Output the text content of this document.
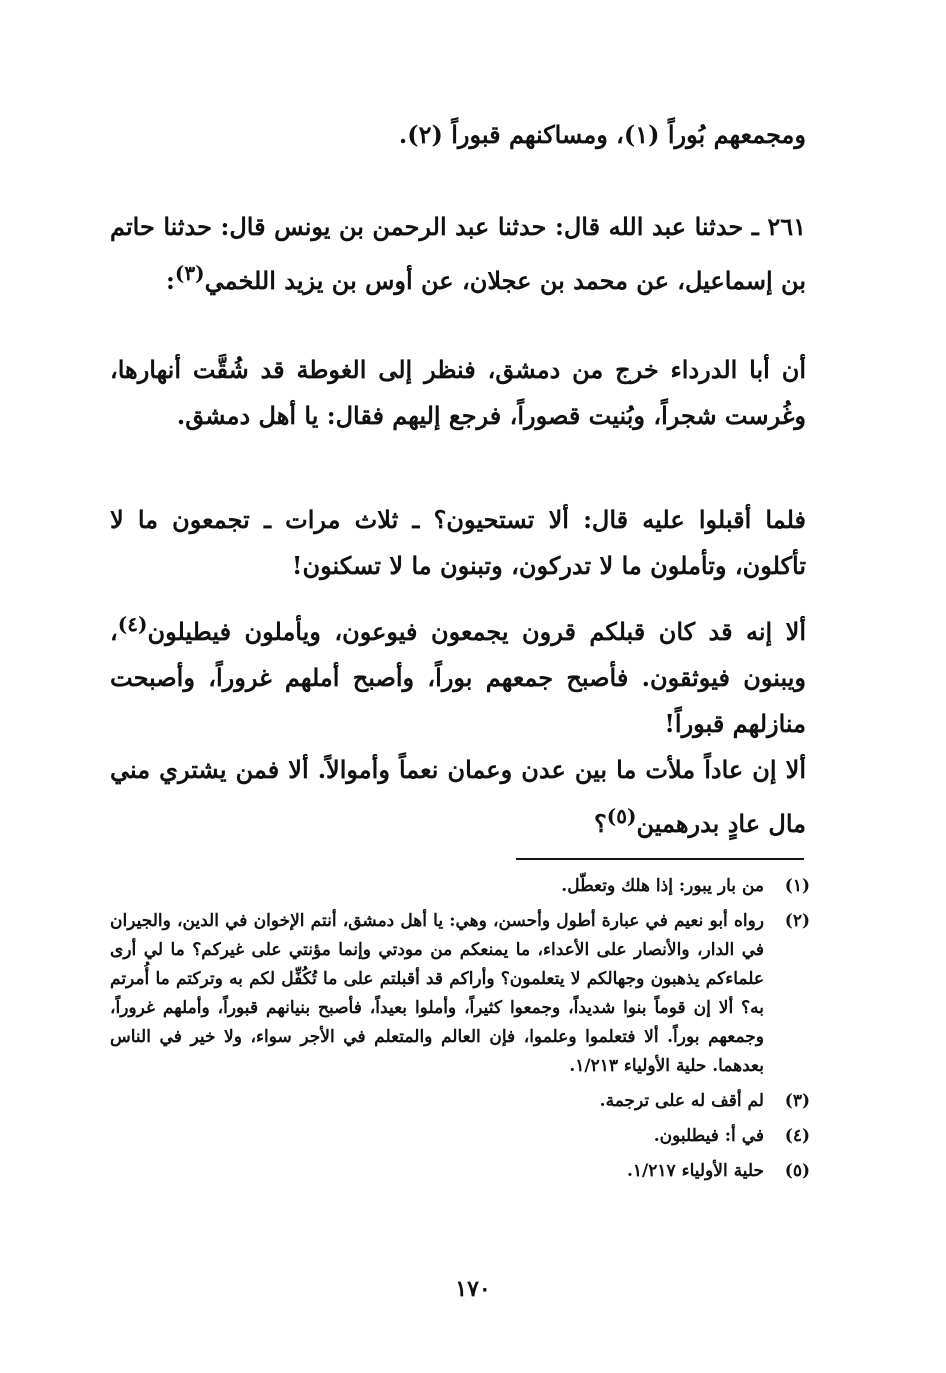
ومجمعهم بُوراً (١)، ومساكنهم قبوراً (٢).
٢٦١ ـ حدثنا عبد الله قال: حدثنا عبد الرحمن بن يونس قال: حدثنا حاتم بن إسماعيل، عن محمد بن عجلان، عن أوس بن يزيد اللخمي$^{(٣)}$:
أن أبا الدرداء خرج من دمشق، فنظر إلى الغوطة قد شُقَّت أنهارها، وغُرست شجراً، وبُنيت قصوراً، فرجع إليهم فقال: يا أهل دمشق.
فلما أقبلوا عليه قال: ألا تستحيون؟ ـ ثلاث مرات ـ تجمعون ما لا تأكلون، وتأملون ما لا تدركون، وتبنون ما لا تسكنون!
ألا إنه قد كان قبلكم قرون يجمعون فيوعون، ويأملون فيطيلون$^{(٤)}$، ويبنون فيوثقون. فأصبح جمعهم بوراً، وأصبح أملهم غروراً، وأصبحت منازلهم قبوراً!
ألا إن عاداً ملأت ما بين عدن وعمان نعماً وأموالاً. ألا فمن يشتري مني مال عادٍ بدرهمين$^{(٥)}$؟
(١)
من بار يبور: إذا هلك وتعطّل.
(٢)
رواه أبو نعيم في عبارة أطول وأحسن، وهي: يا أهل دمشق، أنتم الإخوان في الدين، والجيران في الدار، والأنصار على الأعداء، ما يمنعكم من مودتي وإنما مؤنتي على غيركم؟ ما لي أرى علماءكم يذهبون وجهالكم لا يتعلمون؟ وأراكم قد أقبلتم على ما تُكُفِّل لكم به وتركتم ما أُمرتم به؟ ألا إن قوماً بنوا شديداً، وجمعوا كثيراً، وأملوا بعيداً، فأصبح بنيانهم قبوراً، وأملهم غروراً، وجمعهم بوراً. ألا فتعلموا وعلموا، فإن العالم والمتعلم في الأجر سواء، ولا خير في الناس بعدهما. حلية الأولياء ١/٢١٣.
(٣)
لم أقف له على ترجمة.
(٤)
في أ: فيطلبون.
(٥)
حلية الأولياء ١/٢١٧.
١٧٠
